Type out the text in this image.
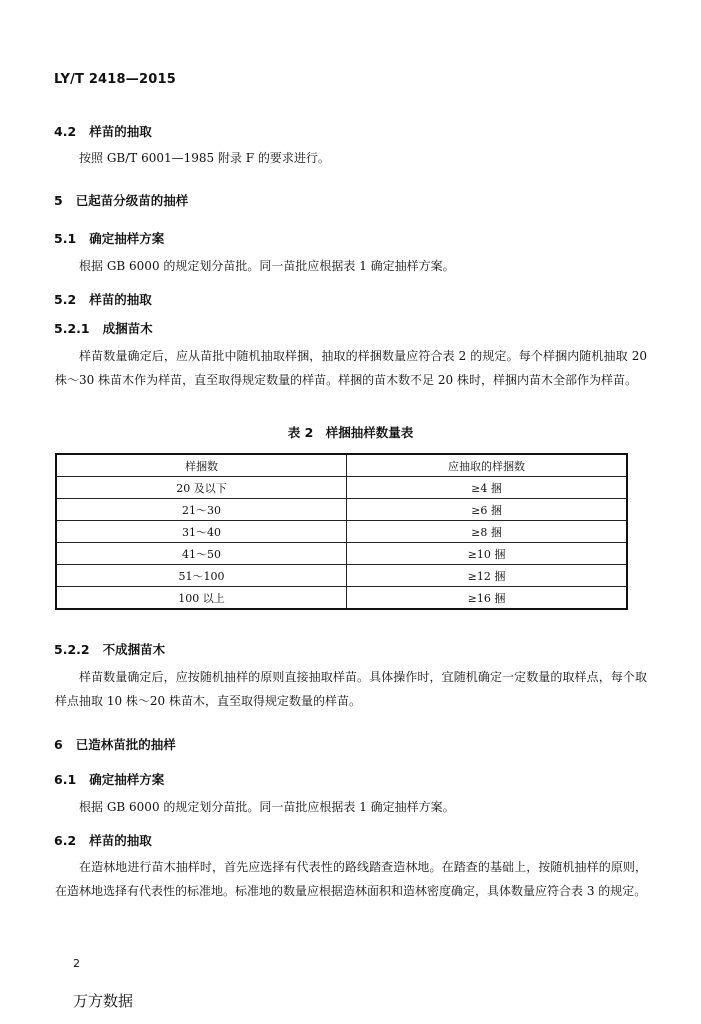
LY/T 2418—2015
4.2 样苗的抽取
按照 GB/T 6001—1985 附录 F 的要求进行。
5 已起苗分级苗的抽样
5.1 确定抽样方案
根据 GB 6000 的规定划分苗批。同一苗批应根据表 1 确定抽样方案。
5.2 样苗的抽取
5.2.1 成捆苗木
样苗数量确定后，应从苗批中随机抽取样捆，抽取的样捆数量应符合表 2 的规定。每个样捆内随机抽取 20 株～30 株苗木作为样苗，直至取得规定数量的样苗。样捆的苗木数不足 20 株时，样捆内苗木全部作为样苗。
表 2　样捆抽样数量表
样捆数	应抽取的样捆数
20 及以下	≥4 捆
21～30	≥6 捆
31～40	≥8 捆
41～50	≥10 捆
51～100	≥12 捆
100 以上	≥16 捆
5.2.2 不成捆苗木
样苗数量确定后，应按随机抽样的原则直接抽取样苗。具体操作时，宜随机确定一定数量的取样点，每个取样点抽取 10 株～20 株苗木，直至取得规定数量的样苗。
6 已造林苗批的抽样
6.1 确定抽样方案
根据 GB 6000 的规定划分苗批。同一苗批应根据表 1 确定抽样方案。
6.2 样苗的抽取
在造林地进行苗木抽样时，首先应选择有代表性的路线踏查造林地。在踏查的基础上，按随机抽样的原则，在造林地选择有代表性的标准地。标准地的数量应根据造林面积和造林密度确定，具体数量应符合表 3 的规定。
2
万方数据
